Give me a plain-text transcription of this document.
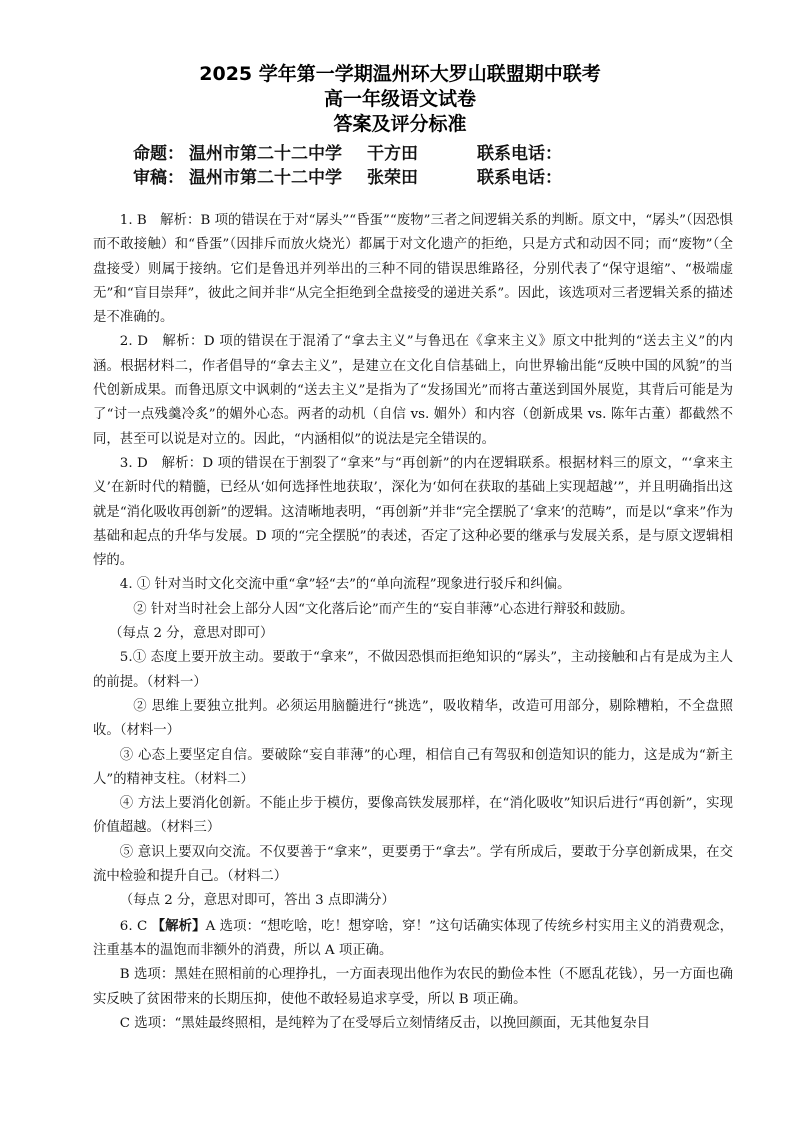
2025 学年第一学期温州环大罗山联盟期中联考
高一年级语文试卷
答案及评分标准
命题： 温州市第二十二中学 干方田	联系电话：
审稿： 温州市第二十二中学 张荣田	联系电话：

1. B　解析：B 项的错误在于对“孱头”“昏蛋”“废物”三者之间逻辑关系的判断。原文中，“孱头”（因恐惧而不敢接触）和“昏蛋”（因排斥而放火烧光）都属于对文化遗产的拒绝，只是方式和动因不同；而“废物”（全盘接受）则属于接纳。它们是鲁迅并列举出的三种不同的错误思维路径，分别代表了“保守退缩”、“极端虚无”和“盲目崇拜”，彼此之间并非“从完全拒绝到全盘接受的递进关系”。因此，该选项对三者逻辑关系的描述是不准确的。

2. D　解析：D 项的错误在于混淆了“拿去主义”与鲁迅在《拿来主义》原文中批判的“送去主义”的内涵。根据材料二，作者倡导的“拿去主义”，是建立在文化自信基础上，向世界输出能“反映中国的风貌”的当代创新成果。而鲁迅原文中讽刺的“送去主义”是指为了“发扬国光”而将古董送到国外展览，其背后可能是为了“讨一点残羹冷炙”的媚外心态。两者的动机（自信 vs. 媚外）和内容（创新成果 vs. 陈年古董）都截然不同，甚至可以说是对立的。因此，“内涵相似”的说法是完全错误的。

3. D　解析：D 项的错误在于割裂了“拿来”与“再创新”的内在逻辑联系。根据材料三的原文，“‘拿来主义’在新时代的精髓，已经从‘如何选择性地获取’，深化为‘如何在获取的基础上实现超越’”，并且明确指出这就是“消化吸收再创新”的逻辑。这清晰地表明，“再创新”并非“完全摆脱了‘拿来’的范畴”，而是以“拿来”作为基础和起点的升华与发展。D 项的“完全摆脱”的表述，否定了这种必要的继承与发展关系，是与原文逻辑相悖的。

4. ① 针对当时文化交流中重“拿”轻“去”的“单向流程”现象进行驳斥和纠偏。

② 针对当时社会上部分人因“文化落后论”而产生的“妄自菲薄”心态进行辩驳和鼓励。

（每点 2 分，意思对即可）

5.① 态度上要开放主动。要敢于“拿来”，不做因恐惧而拒绝知识的“孱头”，主动接触和占有是成为主人的前提。（材料一）

② 思维上要独立批判。必须运用脑髓进行“挑选”，吸收精华，改造可用部分，剔除糟粕，不全盘照收。（材料一）

③ 心态上要坚定自信。要破除“妄自菲薄”的心理，相信自己有驾驭和创造知识的能力，这是成为“新主人”的精神支柱。（材料二）

④ 方法上要消化创新。不能止步于模仿，要像高铁发展那样，在“消化吸收”知识后进行“再创新”，实现价值超越。（材料三）

⑤ 意识上要双向交流。不仅要善于“拿来”，更要勇于“拿去”。学有所成后，要敢于分享创新成果，在交流中检验和提升自己。（材料二）

（每点 2 分，意思对即可，答出 3 点即满分）

6. C 【解析】A 选项：“想吃啥，吃！想穿啥，穿！”这句话确实体现了传统乡村实用主义的消费观念，注重基本的温饱而非额外的消费，所以 A 项正确。

B 选项：黑娃在照相前的心理挣扎，一方面表现出他作为农民的勤俭本性（不愿乱花钱），另一方面也确实反映了贫困带来的长期压抑，使他不敢轻易追求享受，所以 B 项正确。

C 选项：“黑娃最终照相，是纯粹为了在受辱后立刻情绪反击，以挽回颜面，无其他复杂目
